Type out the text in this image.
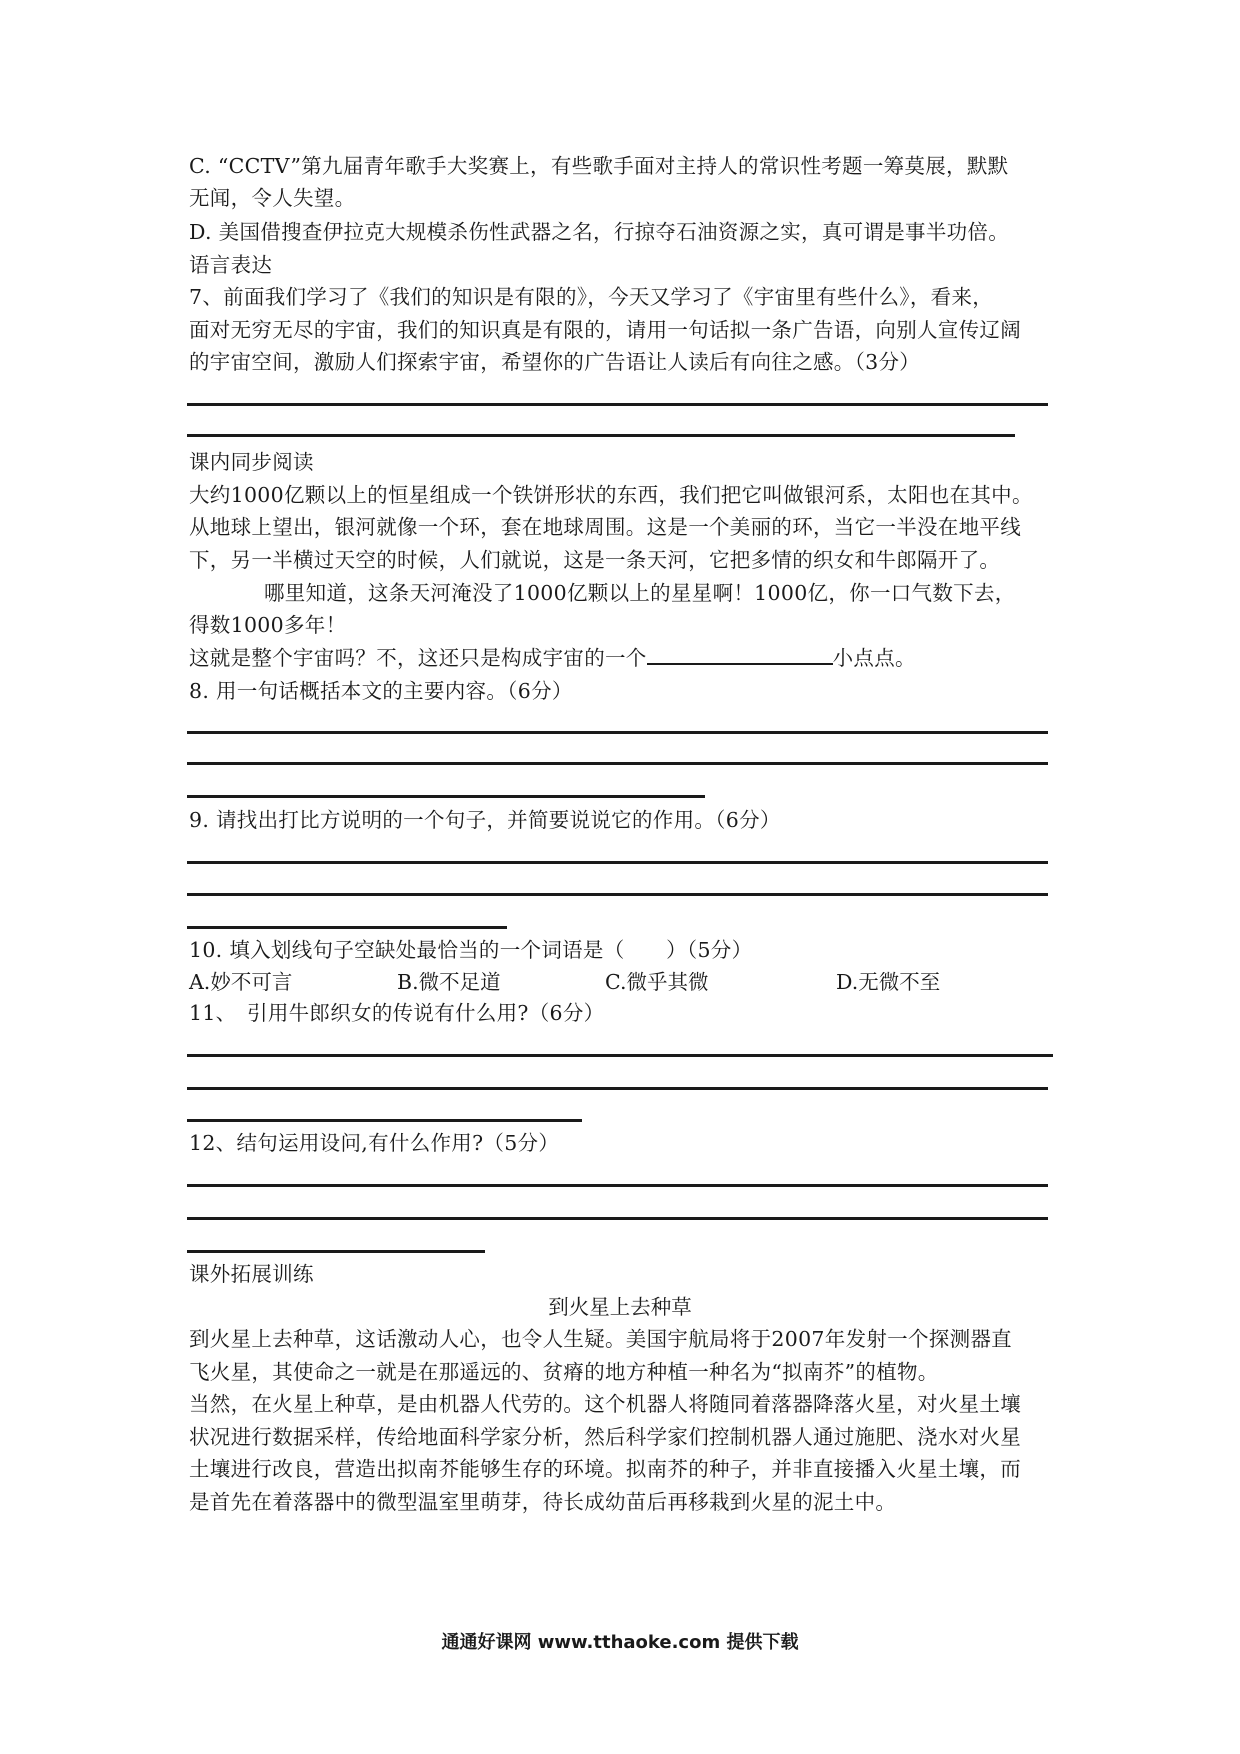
C. “CCTV”第九届青年歌手大奖赛上，有些歌手面对主持人的常识性考题一筹莫展，默默
无闻，令人失望。
D. 美国借搜查伊拉克大规模杀伤性武器之名，行掠夺石油资源之实，真可谓是事半功倍。
语言表达
7、前面我们学习了《我们的知识是有限的》，今天又学习了《宇宙里有些什么》，看来，
面对无穷无尽的宇宙，我们的知识真是有限的，请用一句话拟一条广告语，向别人宣传辽阔
的宇宙空间，激励人们探索宇宙，希望你的广告语让人读后有向往之感。（3分）
课内同步阅读
大约1000亿颗以上的恒星组成一个铁饼形状的东西，我们把它叫做银河系，太阳也在其中。
从地球上望出，银河就像一个环，套在地球周围。这是一个美丽的环，当它一半没在地平线
下，另一半横过天空的时候，人们就说，这是一条天河，它把多情的织女和牛郎隔开了。
哪里知道，这条天河淹没了1000亿颗以上的星星啊！1000亿，你一口气数下去，
得数1000多年！
这就是整个宇宙吗？不，这还只是构成宇宙的一个	小点点。
8. 用一句话概括本文的主要内容。（6分）
9. 请找出打比方说明的一个句子，并简要说说它的作用。（6分）
10. 填入划线句子空缺处最恰当的一个词语是（　　）（5分）
A.妙不可言	B.微不足道	C.微乎其微	D.无微不至
11、　引用牛郎织女的传说有什么用?（6分）
12、结句运用设问,有什么作用?（5分）
课外拓展训练
到火星上去种草
到火星上去种草，这话激动人心，也令人生疑。美国宇航局将于2007年发射一个探测器直
飞火星，其使命之一就是在那遥远的、贫瘠的地方种植一种名为“拟南芥”的植物。
当然，在火星上种草，是由机器人代劳的。这个机器人将随同着落器降落火星，对火星土壤
状况进行数据采样，传给地面科学家分析，然后科学家们控制机器人通过施肥、浇水对火星
土壤进行改良，营造出拟南芥能够生存的环境。拟南芥的种子，并非直接播入火星土壤，而
是首先在着落器中的微型温室里萌芽，待长成幼苗后再移栽到火星的泥土中。
通通好课网 www.tthaoke.com 提供下载
